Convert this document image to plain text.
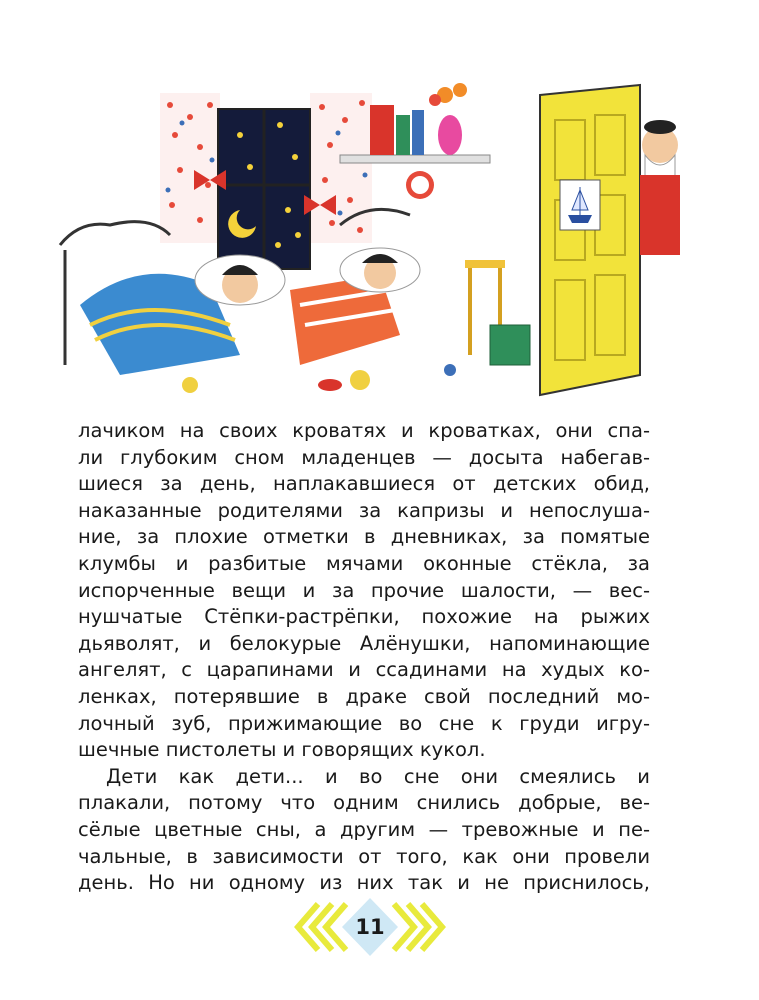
лачиком на своих кроватях и кроватках, они спа-
ли глубоким сном младенцев — досыта набегав-
шиеся за день, наплакавшиеся от детских обид,
наказанные родителями за капризы и непослуша-
ние, за плохие отметки в дневниках, за помятые
клумбы и разбитые мячами оконные стёкла, за
испорченные вещи и за прочие шалости, — вес-
нушчатые Стёпки-растрёпки, похожие на рыжих
дьяволят, и белокурые Алёнушки, напоминающие
ангелят, с царапинами и ссадинами на худых ко-
ленках, потерявшие в драке свой последний мо-
лочный зуб, прижимающие во сне к груди игру-
шечные пистолеты и говорящих кукол.

Дети как дети... и во сне они смеялись и
плакали, потому что одним снились добрые, ве-
сёлые цветные сны, а другим — тревожные и пе-
чальные, в зависимости от того, как они провели
день. Но ни одному из них так и не приснилось,

11
